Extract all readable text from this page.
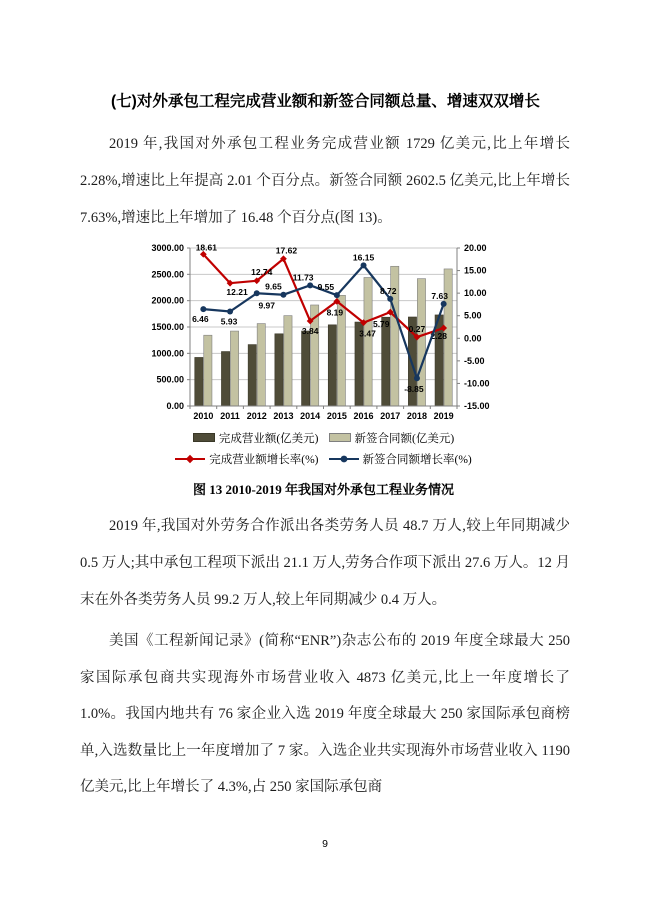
(七)对外承包工程完成营业额和新签合同额总量、增速双双增长

2019 年,我国对外承包工程业务完成营业额 1729 亿美元,比上年增长 2.28%,增速比上年提高 2.01 个百分点。新签合同额 2602.5 亿美元,比上年增长 7.63%,增速比上年增加了 16.48 个百分点(图 13)。

0.00
500.00
1000.00
1500.00
2000.00
2500.00
3000.00
-15.00
-10.00
-5.00
0.00
5.00
10.00
15.00
20.00
2010 2011 2012 2013 2014 2015 2016 2017 2018 2019
18.61
12.21
12.74
17.62
3.84
8.19
3.47
5.79 0.27
2.28
6.46 5.93
9.97
9.65
11.73
9.55
16.15
8.72
-8.85
7.63
完成营业额(亿美元)	新签合同额(亿美元)
完成营业额增长率(%)	新签合同额增长率(%)

图 13 2010-2019 年我国对外承包工程业务情况

2019 年,我国对外劳务合作派出各类劳务人员 48.7 万人,较上年同期减少 0.5 万人;其中承包工程项下派出 21.1 万人,劳务合作项下派出 27.6 万人。12 月末在外各类劳务人员 99.2 万人,较上年同期减少 0.4 万人。

美国《工程新闻记录》(简称“ENR”)杂志公布的 2019 年度全球最大 250 家国际承包商共实现海外市场营业收入 4873 亿美元,比上一年度增长了 1.0%。我国内地共有 76 家企业入选 2019 年度全球最大 250 家国际承包商榜单,入选数量比上一年度增加了 7 家。入选企业共实现海外市场营业收入 1190 亿美元,比上年增长了 4.3%,占 250 家国际承包商

9
